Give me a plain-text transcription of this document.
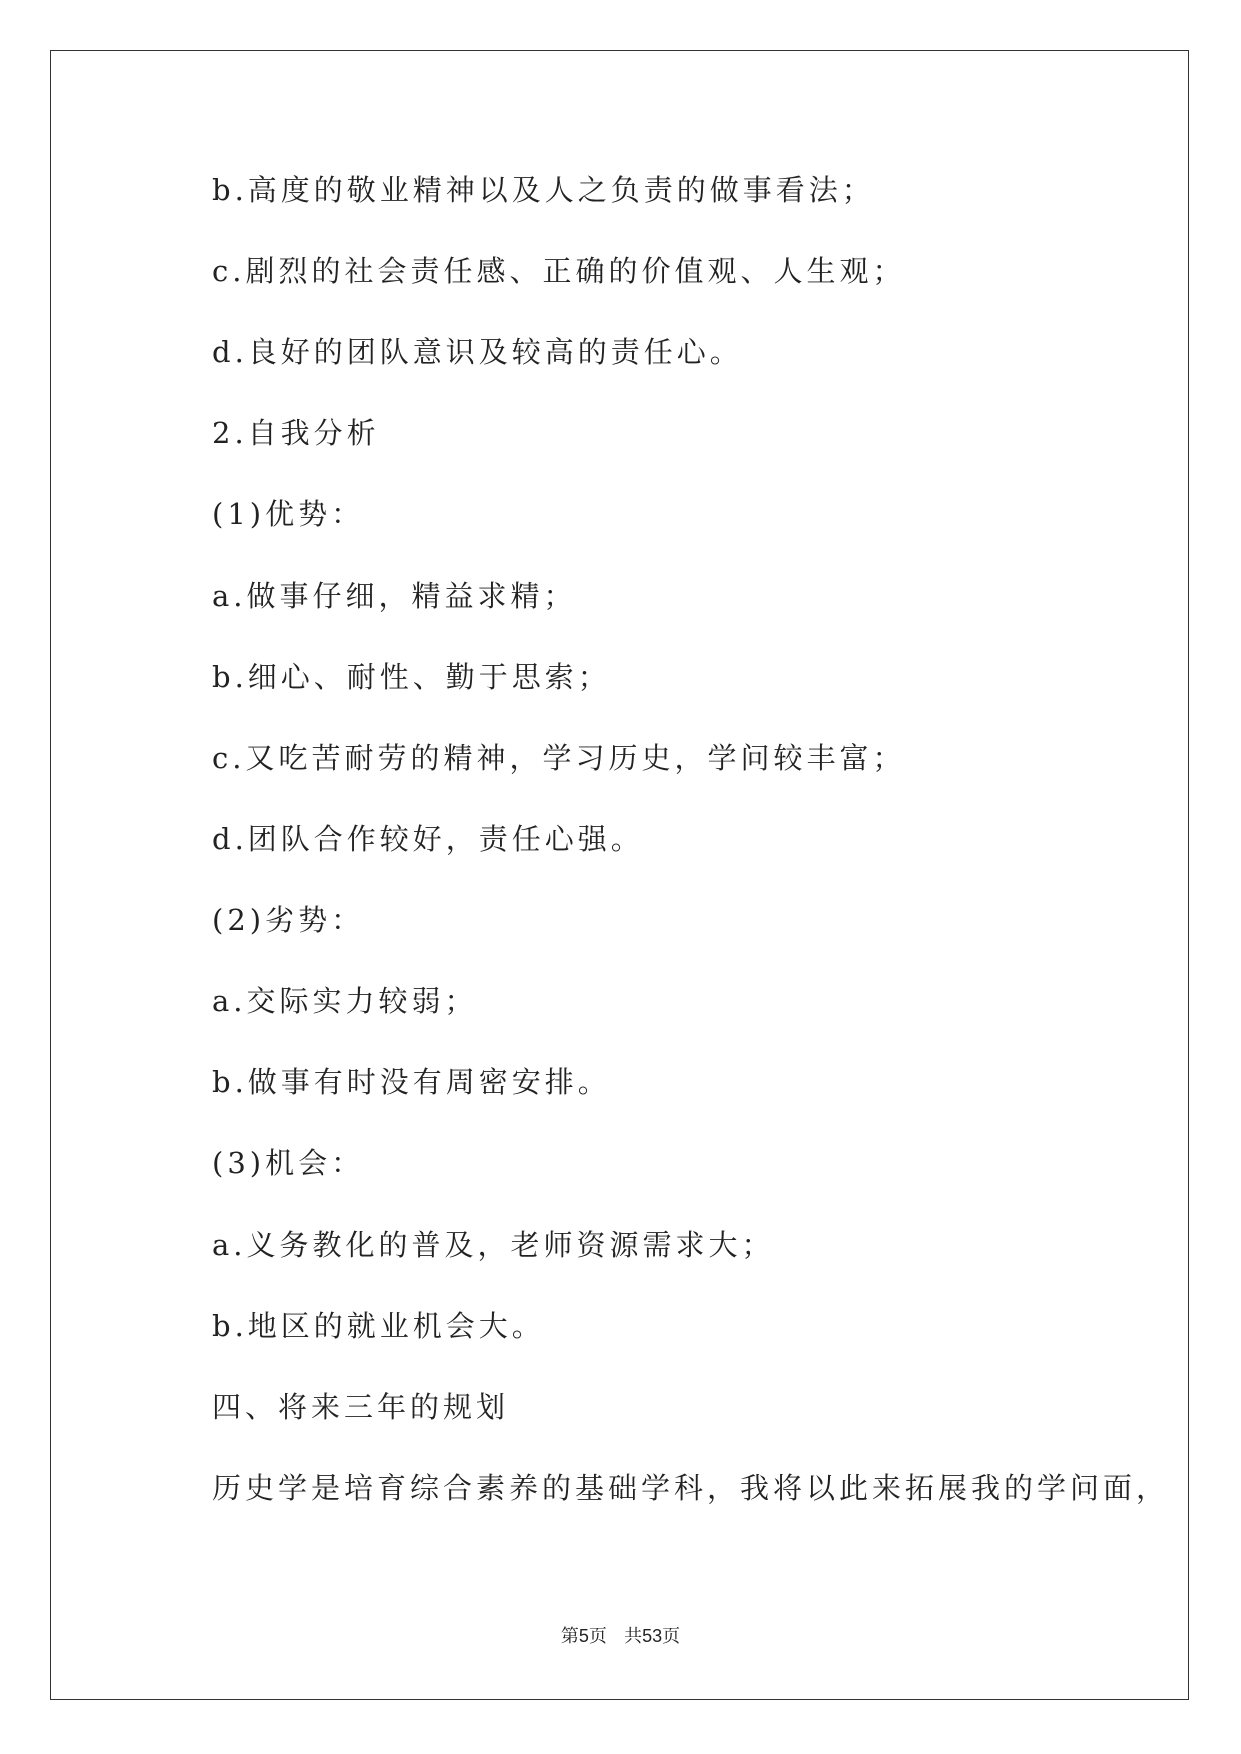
b.高度的敬业精神以及人之负责的做事看法；
c.剧烈的社会责任感、正确的价值观、人生观；
d.良好的团队意识及较高的责任心。
2.自我分析
(1)优势：
a.做事仔细，精益求精；
b.细心、耐性、勤于思索；
c.又吃苦耐劳的精神，学习历史，学问较丰富；
d.团队合作较好，责任心强。
(2)劣势：
a.交际实力较弱；
b.做事有时没有周密安排。
(3)机会：
a.义务教化的普及，老师资源需求大；
b.地区的就业机会大。
四、将来三年的规划
历史学是培育综合素养的基础学科，我将以此来拓展我的学问面，
第5页 共53页
